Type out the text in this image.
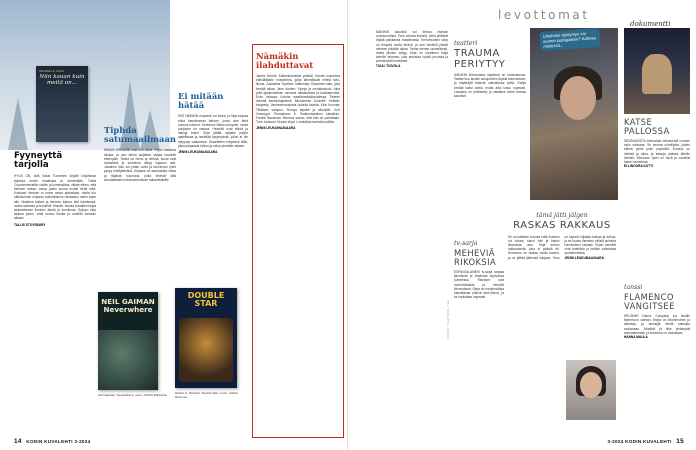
VENDELA VIDA
Niin kauan kuin meitä on...
Fyyneyttä tarjolla

HYVÄ ON, sillä Sakai Tuominen kirjoitti kirjoittanut kirjansa ennen maailmaa ja viimeistään. Tästä Cupriumverrattiin vähän ja kummallista, viitata siihen, että ihminen hoitaa, uskoo jotain suurta muttei tiedä mitä. Koskaan ihminen ei tunne omaa ajatustaan, mutta tuo näkökulman ohjaava mahdollisuus hautautuu usein arjen alle. Maailma kulkee ja ihminen katsoo sitä hämärissä, mutta rakastaa ja huolehtii. Muistin, kuinka kuvaillen kirjaa tarkastelevan ihmisen ääntä ja tunnelmia. Syksyn kirja tarjoaa jotain, mikä tuntuu tutulta ja uudelta samaan aikaan.

TALLIS STOYSBURY

Tiphda satumaailmaan

MINUN KIRJAANI osia luin kaksi. Kirjan maailma loistaa, ja sen tarina kuljettaa lukijaa kauniisti eteenpäin. Tarina on hieno ja herkkä, kuvat ovat rauhallisia ja tunnelma säilyy loppuun asti. Jokainen luku tuo jotain uutta ja kerronnan rytmi pysyy miellyttävänä. Kirjassa on satumaista valoa ja hiljaista huumoria, jotka tekevät siitä ainutlaatuisen lukukokemuksen kaikenikäisille.

Ei mitään hätää

SIIS NÄINKIN nopeasti voi lukea, ja kirja tarjoaa ehkä hauskimman tarinan, jonka olen tänä vuonna lukenut. Kertomus liikkuu kevyesti, mutta pohjavire on vakava. Henkilöt ovat eläviä ja dialogi toimii. Kirja jättää lukijalle paljon ajateltavaa ja herättää kysymyksiä, joihin ei ole helppoja vastauksia. Suosittelen erityisesti niille, jotka kaipaavat lohtua ja valoa pimeään aikaan.

JENNI LEUKUMAAVAARA

Nämäkin ilahduttavat

James Herriot: Kaikenkarvaiset ystävät. Kaunis kokoelma eläinlääkärin muistelmia, jotka lämmittävät mieltä talvi-iltoina. Zacharias Topelius: Vattumato. Klassinen satu, joka kestää aikaa. Jane Austen: Ylpeys ja ennakkoluulo. Aina yhtä ajankohtainen romaani rakkaudesta ja luokkaeroista. Esko Valtaoja: Kotona maailmankaikkeudessa. Tieteen ihmeitä kansantajuisesti. Michaelean Doucleff: Hellästi, kesytetty. Vanhemmuudesta uudella tavalla. Kirsi Kunnas: Tiitiäisen satupuu. Runoja lapsille ja aikuisille. Kurt Vonnegut: Teurastamo 5. Sodanvastainen klassikko. Fredrik Backman: Mumma sanoo, että hän on pahoillaan. Tove Jansson: Muumi-kirjat. Lohdullisia tarinoita kaikille.

JENNI LEUKUMAAVAARA

NEIL GAIMAN Neverwhere
DOUBLE STAR
Neil Gaiman: Neverwhere, suom. Pekka Markkula. Robert A. Heinlein: Double Star, suom. Veikko Rekunen.
14 KODIN KUVALEHTI 3-2024
levottomat

NÄINKIN kauniisti voi kertoa elämän rosoisuudesta. Teos seuraa ihmisiä, jotka yrittävät löytää paikkansa maailmassa. Kertomuksen sävy on lempeä mutta terävä, ja sen henkilöt jäävät mieleen pitkäksi aikaa. Tarina etenee rauhallisesti, mutta jännite säilyy. Kirja on oivallinen lahja kenelle tahansa, joka arvostaa hyvää proosaa ja ymmärrystä ihmisestä.

TUULI TOIVOLA

teatteri
TRAUMA PERIYTYY

NÄINKIN kiinnostava näytelmä on harvinaisuus. Teatteri tuo lavalle sukupolvien kipeät kokemukset, ja näyttelijät tekevät vaikuttavaa työtä. Esitys kestää kaksi tuntia, mutta aika kuluu nopeasti. Lavastus on pelkistetty ja valaistus tukee tarinaa kauniisti.

Unelmien täyttymys vai suuren painajaisen? Kahvaa mielessä...
dokumentti
KATSE PALLOSSA

SEURAAVISTA elokuvista dokumentti nousee esiin vahvana. Se seuraa urheilijoita, joiden elämä pyörii pelin ympärillä. Kuvaus on intiimiä ja aitoa, ja katsoja pääsee lähelle ihmisiä. Elokuvan rytmi on hyvä ja musiikki tukee tunnelmaa.

ELLINOORA KUTTI

tämä jätti jälgen
RASKAS RAKKAUS

Se on kaikkein kovinta mitä ihminen voi kokea, sanoi hän ja katsoi ikkunasta ulos. Kirja kertoo rakkaudesta, joka ei päästä irti. Kertomus on raskas mutta kaunis, ja se jättää jälkensä lukijaan. Teos on täynnä hiljaista tuskaa ja toivoa, ja se kuvaa ihmisten välisiä suhteita harvinaisen tarkasti. Kirjan henkilöt ovat todellisia ja heidän valintansa ymmärrettäviä.

JENNI LEUKUMAAVAARA

tv-sarja
MEHEVIÄ RIKOKSIA

ESPANJALAINEN tv-sarja tarjoaa jännitystä ja draamaa sopivassa suhteessa. Rikokset ovat monimutkaisia ja henkilöt kiinnostavia. Sarja on nautinnollista katsottavaa pitkinä talvi-iltoina, ja se koukuttaa nopeasti.

tanssi
FLAMENCO VANGITSEE

HELSINKI Dance Company tuo lavalle flamencon voiman. Esitys on intohimoinen ja taidokas, ja tanssijat vievät katsojan mukanaan. Musiikki ja liike yhdistyvät saumattomasti, ja kokemus on vaikuttava.

HANNA MAULA

KUVAT: TEATTERI, YLE
3-2024 KODIN KUVALEHTI 15
